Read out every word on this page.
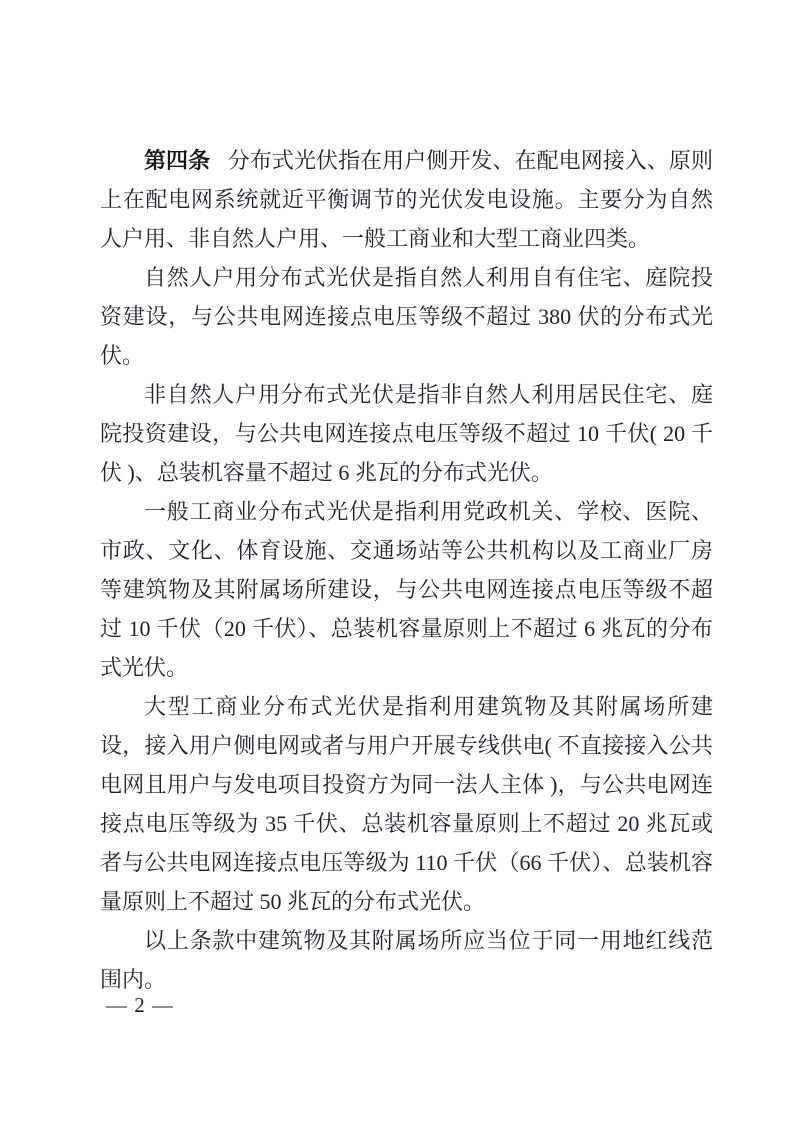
第四条 分布式光伏指在用户侧开发、在配电网接入、原则上在配电网系统就近平衡调节的光伏发电设施。主要分为自然人户用、非自然人户用、一般工商业和大型工商业四类。

自然人户用分布式光伏是指自然人利用自有住宅、庭院投资建设，与公共电网连接点电压等级不超过 380 伏的分布式光伏。

非自然人户用分布式光伏是指非自然人利用居民住宅、庭院投资建设，与公共电网连接点电压等级不超过 10 千伏( 20 千伏 )、总装机容量不超过 6 兆瓦的分布式光伏。

一般工商业分布式光伏是指利用党政机关、学校、医院、市政、文化、体育设施、交通场站等公共机构以及工商业厂房等建筑物及其附属场所建设，与公共电网连接点电压等级不超过 10 千伏（20 千伏）、总装机容量原则上不超过 6 兆瓦的分布式光伏。

大型工商业分布式光伏是指利用建筑物及其附属场所建设，接入用户侧电网或者与用户开展专线供电( 不直接接入公共电网且用户与发电项目投资方为同一法人主体 )，与公共电网连接点电压等级为 35 千伏、总装机容量原则上不超过 20 兆瓦或者与公共电网连接点电压等级为 110 千伏（66 千伏）、总装机容量原则上不超过 50 兆瓦的分布式光伏。

以上条款中建筑物及其附属场所应当位于同一用地红线范围内。

— 2 —
